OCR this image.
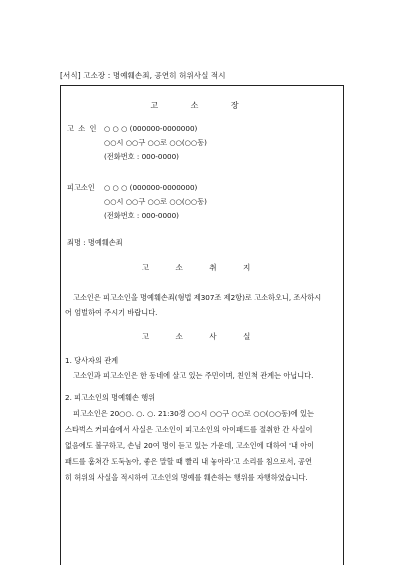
[서식] 고소장 : 명예훼손죄, 공연히 허위사실 적시
고 소 장
고 소 인 ○ ○ ○ (000000-0000000)
○○시 ○○구 ○○로 ○○(○○동)
(전화번호 : 000-0000)
피고소인 ○ ○ ○ (000000-0000000)
○○시 ○○구 ○○로 ○○(○○동)
(전화번호 : 000-0000)
죄명 : 명예훼손죄
고 소 취 지
고소인은 피고소인을 명예훼손죄(형법 제307조 제2항)로 고소하오니, 조사하시
어 엄벌하여 주시기 바랍니다.
고 소 사 실
1. 당사자의 관계
고소인과 피고소인은 한 동네에 살고 있는 주민이며, 친인척 관계는 아닙니다.
2. 피고소인의 명예훼손 행위
피고소인은 20○○. ○. ○. 21:30경 ○○시 ○○구 ○○로 ○○(○○동)에 있는
스타벅스 커피숍에서 사실은 고소인이 피고소인의 아이패드를 절취한 간 사실이
없음에도 불구하고, 손님 20여 명이 듣고 있는 가운데, 고소인에 대하여 '내 아이
패드를 훔쳐간 도둑놈아, 좋은 말할 때 빨리 내 놓아라'고 소리를 침으로서, 공연
히 허위의 사실을 적시하여 고소인의 명예를 훼손하는 행위를 자행하였습니다.
